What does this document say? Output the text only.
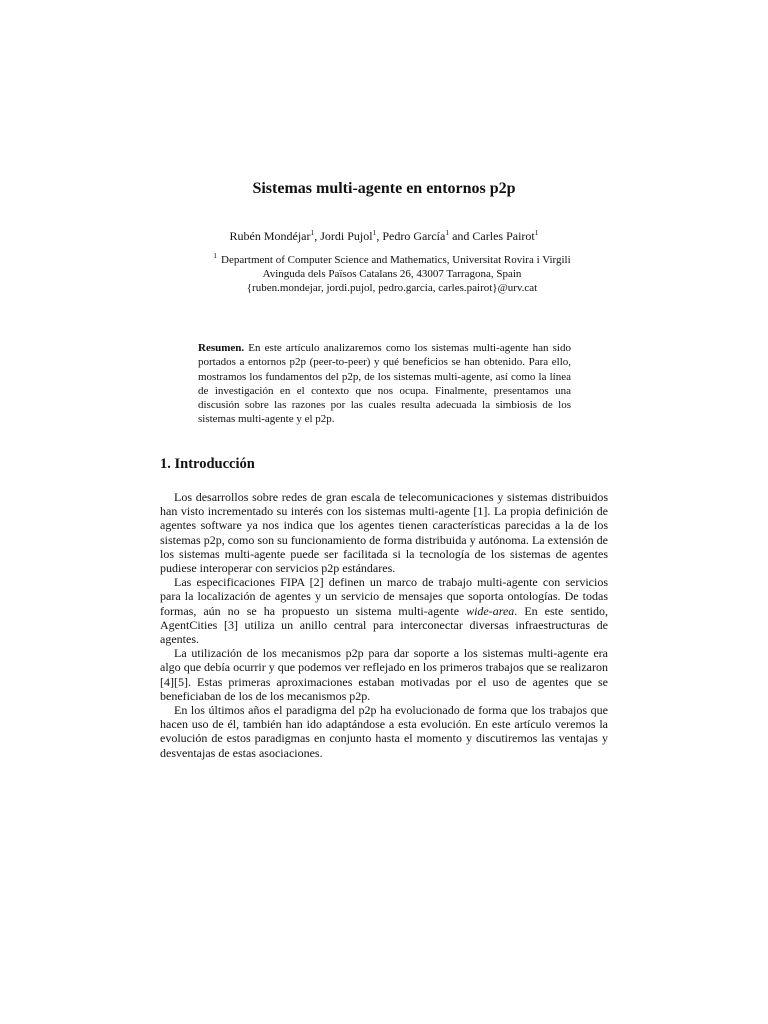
Sistemas multi-agente en entornos p2p
Rubén Mondéjar$^1$, Jordi Pujol$^1$, Pedro García$^1$ and Carles Pairot$^1$
$^1$ Department of Computer Science and Mathematics, Universitat Rovira i Virgili
Avinguda dels Països Catalans 26, 43007 Tarragona, Spain
{ruben.mondejar, jordi.pujol, pedro.garcia, carles.pairot}@urv.cat
Resumen. En este artículo analizaremos como los sistemas multi-agente han sido portados a entornos p2p (peer-to-peer) y qué beneficios se han obtenido. Para ello, mostramos los fundamentos del p2p, de los sistemas multi-agente, así como la línea de investigación en el contexto que nos ocupa. Finalmente, presentamos una discusión sobre las razones por las cuales resulta adecuada la simbiosis de los sistemas multi-agente y el p2p.
1. Introducción

Los desarrollos sobre redes de gran escala de telecomunicaciones y sistemas distribuidos han visto incrementado su interés con los sistemas multi-agente [1]. La propia definición de agentes software ya nos indica que los agentes tienen características parecidas a la de los sistemas p2p, como son su funcionamiento de forma distribuida y autónoma. La extensión de los sistemas multi-agente puede ser facilitada si la tecnología de los sistemas de agentes pudiese interoperar con servicios p2p estándares.

Las especificaciones FIPA [2] definen un marco de trabajo multi-agente con servicios para la localización de agentes y un servicio de mensajes que soporta ontologías. De todas formas, aún no se ha propuesto un sistema multi-agente wide-area. En este sentido, AgentCities [3] utiliza un anillo central para interconectar diversas infraestructuras de agentes.

La utilización de los mecanismos p2p para dar soporte a los sistemas multi-agente era algo que debía ocurrir y que podemos ver reflejado en los primeros trabajos que se realizaron [4][5]. Estas primeras aproximaciones estaban motivadas por el uso de agentes que se beneficiaban de los de los mecanismos p2p.

En los últimos años el paradigma del p2p ha evolucionado de forma que los trabajos que hacen uso de él, también han ido adaptándose a esta evolución. En este artículo veremos la evolución de estos paradigmas en conjunto hasta el momento y discutiremos las ventajas y desventajas de estas asociaciones.
